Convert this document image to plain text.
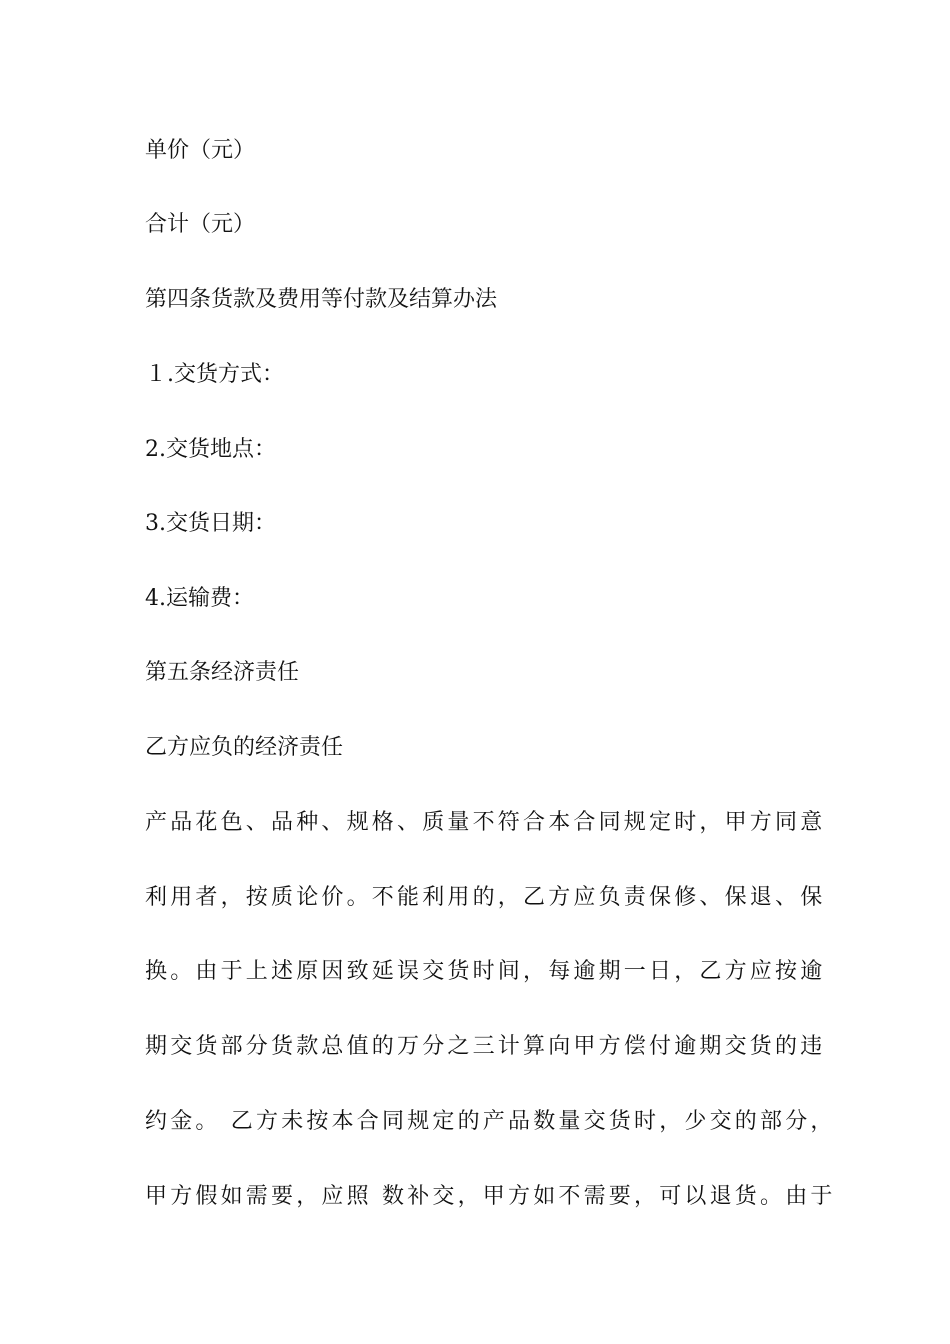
单价（元）
合计（元）
第四条货款及费用等付款及结算办法
１.交货方式：
2.交货地点：
3.交货日期：
4.运输费：
第五条经济责任
乙方应负的经济责任
产品花色、品种、规格、质量不符合本合同规定时，甲方同意
利用者，按质论价。不能利用的，乙方应负责保修、保退、保
换。由于上述原因致延误交货时间，每逾期一日，乙方应按逾
期交货部分货款总值的万分之三计算向甲方偿付逾期交货的违
约金。 乙方未按本合同规定的产品数量交货时，少交的部分，
甲方假如需要，应照 数补交，甲方如不需要，可以退货。由于
